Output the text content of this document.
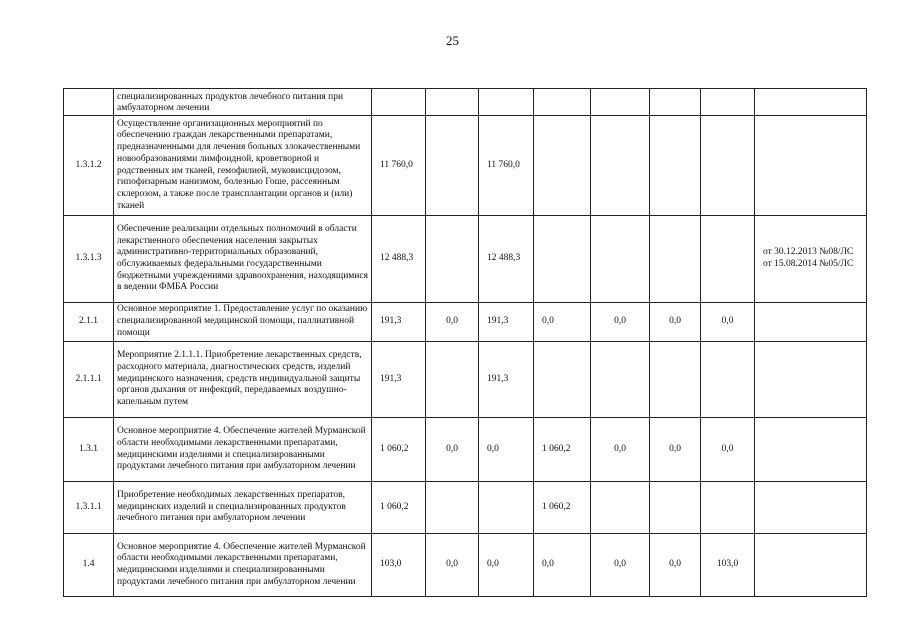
25
	специализированных продуктов лечебного питания при амбулаторном лечении								
1.3.1.2	Осуществление организационных мероприятий по обеспечению граждан лекарственными препаратами, предназначенными для лечения больных злокачественными новообразованиями лимфоидной, кроветворной и родственных им тканей, гемофилией, муковисцидозом, гипофизарным нанизмом, болезнью Гоше, рассеянным склерозом, а также после трансплантации органов и (или) тканей	11 760,0		11 760,0					
1.3.1.3	Обеспечение реализации отдельных полномочий в области лекарственного обеспечения населения закрытых административно-территориальных образований, обслуживаемых федеральными государственными бюджетными учреждениями здравоохранения, находящимися в ведении ФМБА России	12 488,3		12 488,3					от 30.12.2013 №08/ЛС
от 15.08.2014 №05/ЛС

2.1.1	Основное мероприятие 1. Предоставление услуг по оказанию специализированной медицинской помощи, паллиативной помощи	191,3	0,0	191,3	0,0	0,0	0,0	0,0	
2.1.1.1	Мероприятие 2.1.1.1. Приобретение лекарственных средств, расходного материала, диагностических средств, изделий медицинского назначения, средств индивидуальной защиты органов дыхания от инфекций, передаваемых воздушно-капельным путем	191,3		191,3					
1.3.1	Основное мероприятие 4. Обеспечение жителей Мурманской области необходимыми лекарственными препаратами, медицинскими изделиями и специализированными продуктами лечебного питания при амбулаторном лечении	1 060,2	0,0	0,0	1 060,2	0,0	0,0	0,0	
1.3.1.1	Приобретение необходимых лекарственных препаратов, медицинских изделий и специализированных продуктов лечебного питания при амбулаторном лечении	1 060,2			1 060,2				
1.4	Основное мероприятие 4. Обеспечение жителей Мурманской области необходимыми лекарственными препаратами, медицинскими изделиями и специализированными продуктами лечебного питания при амбулаторном лечении	103,0	0,0	0,0	0,0	0,0	0,0	103,0	
